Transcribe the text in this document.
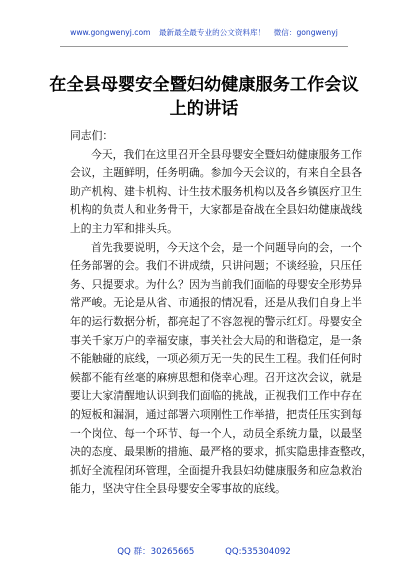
www.gongwenyj.com 最新最全最专业的公文资料库！ 微信：gongwenyj
在全县母婴安全暨妇幼健康服务工作会议
上的讲话
同志们：
今天，我们在这里召开全县母婴安全暨妇幼健康服务工作
会议，主题鲜明，任务明确。参加今天会议的，有来自全县各
助产机构、建卡机构、计生技术服务机构以及各乡镇医疗卫生
机构的负责人和业务骨干，大家都是奋战在全县妇幼健康战线
上的主力军和排头兵。
首先我要说明，今天这个会，是一个问题导向的会，一个
任务部署的会。我们不讲成绩，只讲问题；不谈经验，只压任
务、只提要求。为什么？因为当前我们面临的母婴安全形势异
常严峻。无论是从省、市通报的情况看，还是从我们自身上半
年的运行数据分析，都亮起了不容忽视的警示红灯。母婴安全
事关千家万户的幸福安康，事关社会大局的和谐稳定，是一条
不能触碰的底线，一项必须万无一失的民生工程。我们任何时
候都不能有丝毫的麻痹思想和侥幸心理。召开这次会议，就是
要让大家清醒地认识到我们面临的挑战，正视我们工作中存在
的短板和漏洞，通过部署六项刚性工作举措，把责任压实到每
一个岗位、每一个环节、每一个人，动员全系统力量，以最坚
决的态度、最果断的措施、最严格的要求，抓实隐患排查整改，
抓好全流程闭环管理，全面提升我县妇幼健康服务和应急救治
能力，坚决守住全县母婴安全零事故的底线。
QQ 群：30265665	QQ:535304092
